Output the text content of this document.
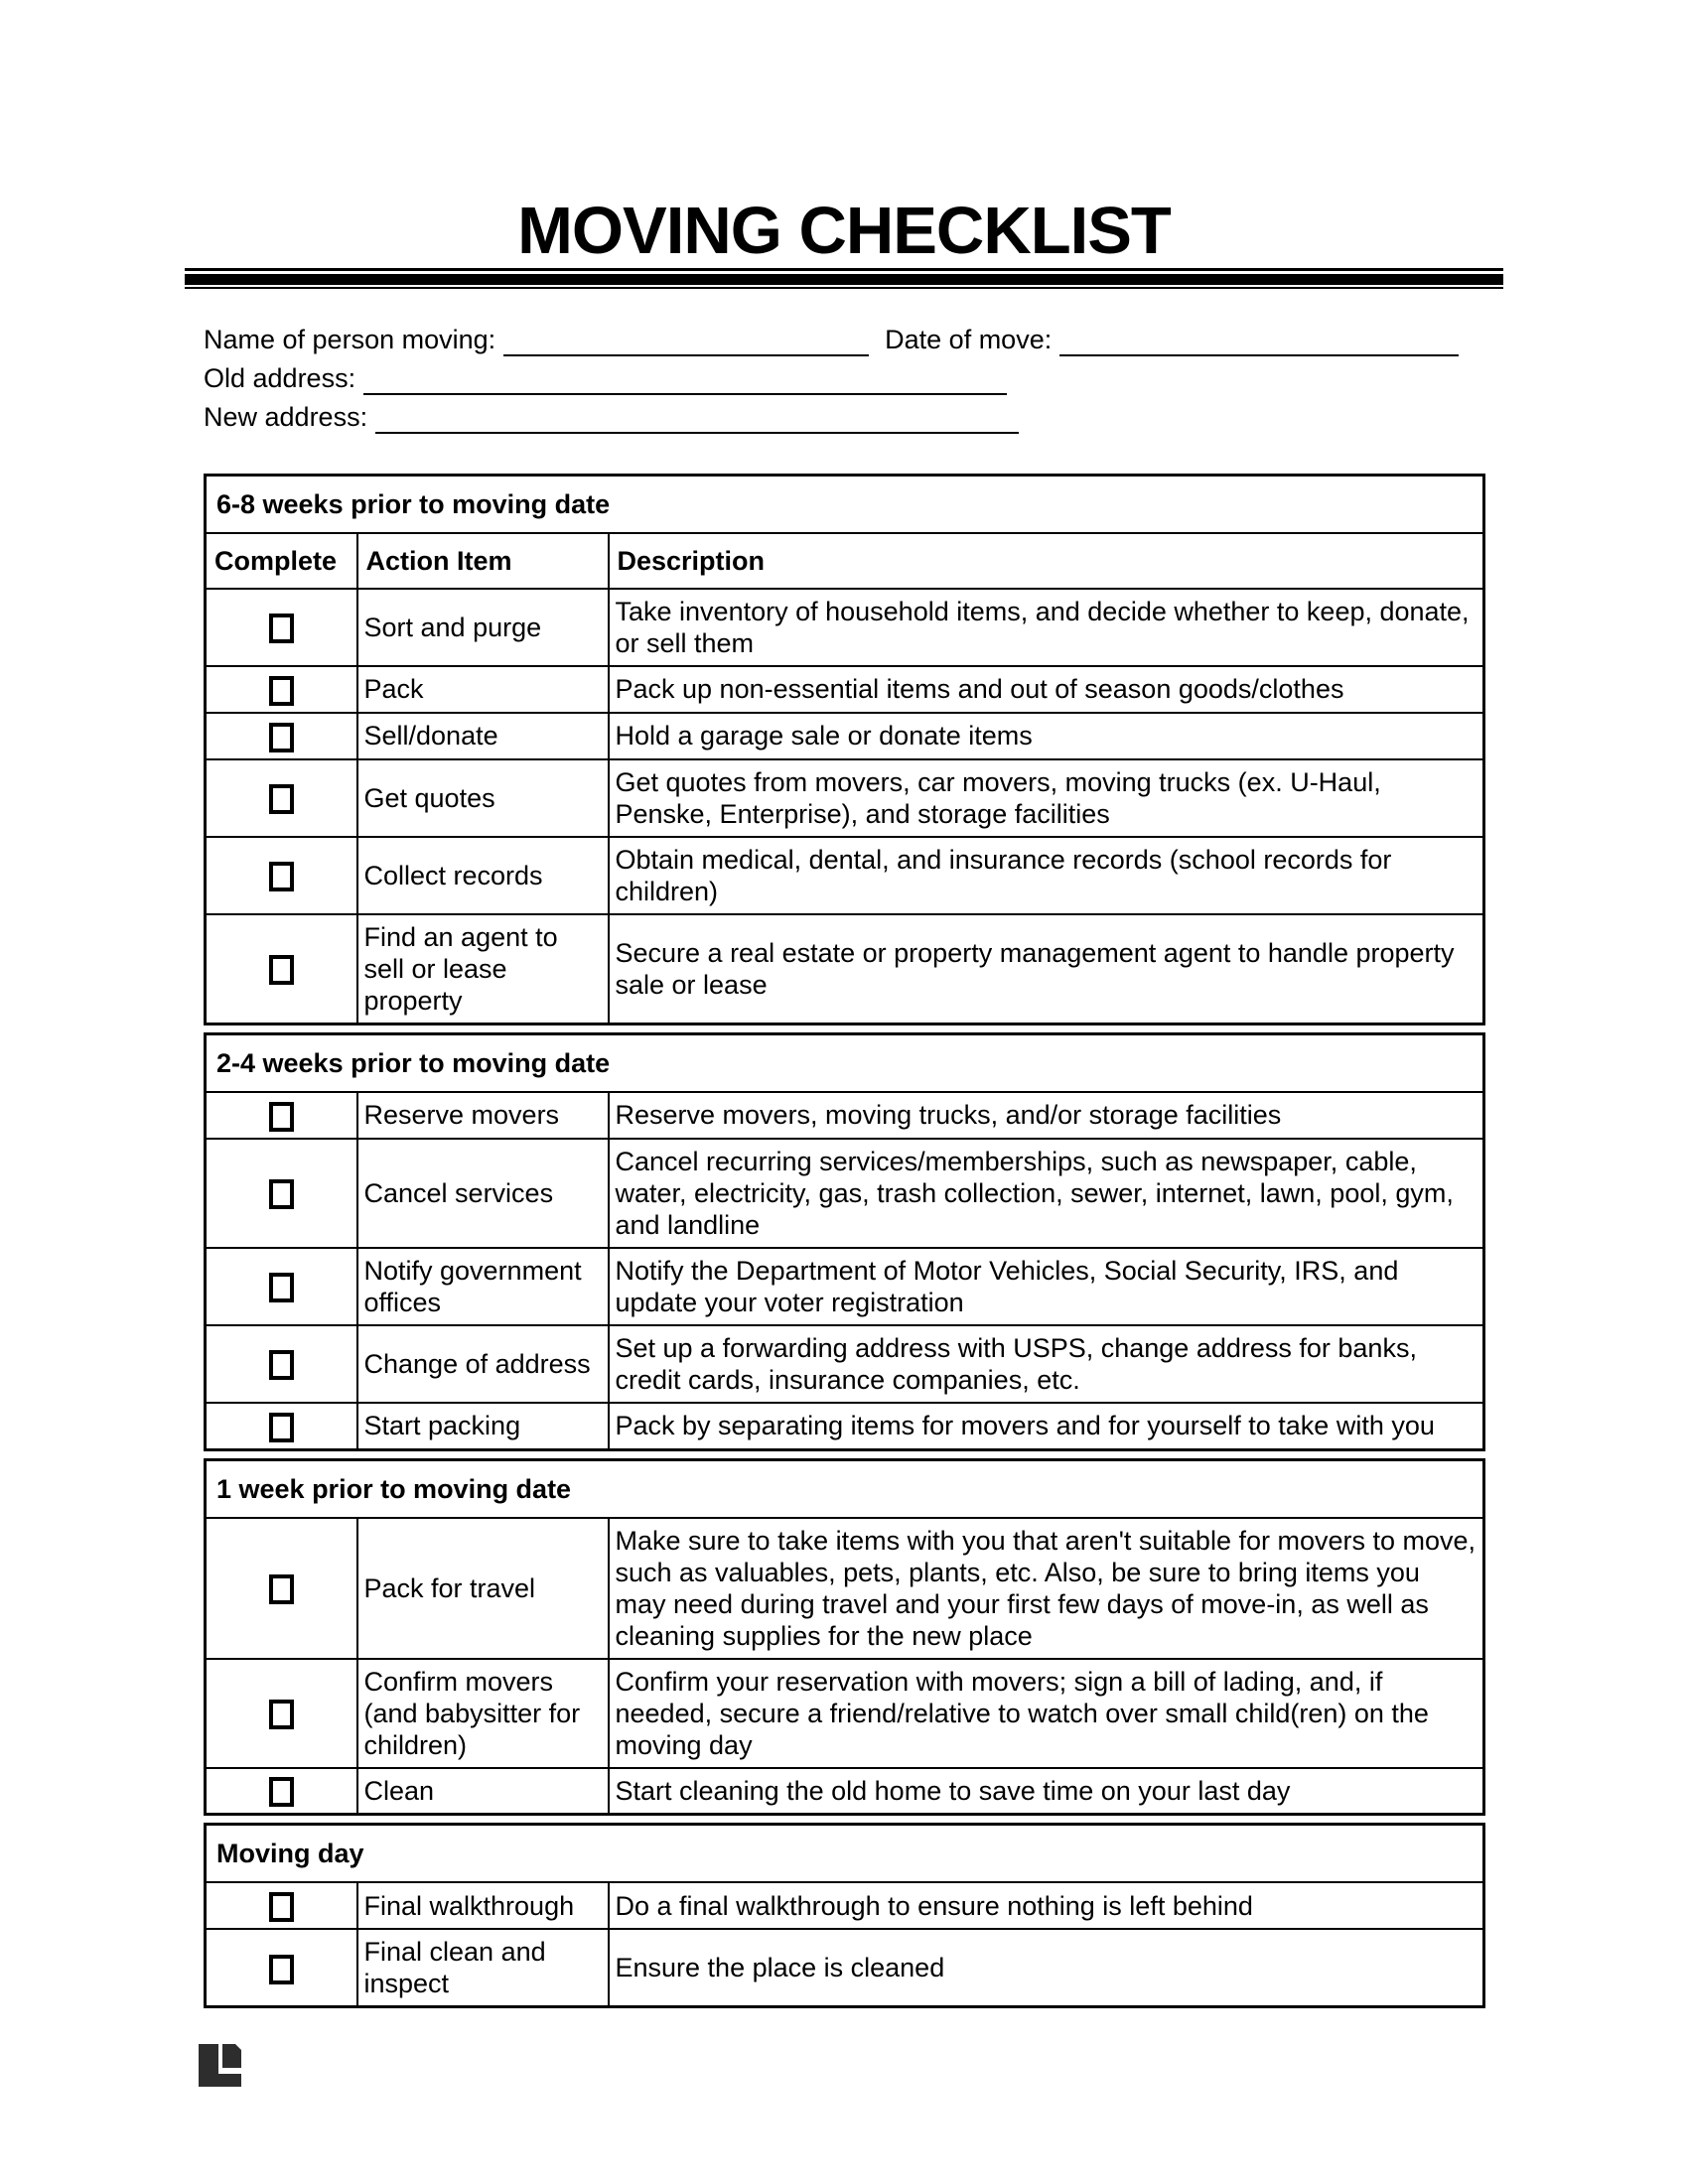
MOVING CHECKLIST
Name of person moving:	Date of move:
Old address:
New address:
6-8 weeks prior to moving date		
Complete	Action Item	Description
	Sort and purge	Take inventory of household items, and decide whether to keep, donate, or sell them
	Pack	Pack up non-essential items and out of season goods/clothes
	Sell/donate	Hold a garage sale or donate items
	Get quotes	Get quotes from movers, car movers, moving trucks (ex. U-Haul, Penske, Enterprise), and storage facilities
	Collect records	Obtain medical, dental, and insurance records (school records for children)
	Find an agent to sell or lease property	Secure a real estate or property management agent to handle property sale or lease
2-4 weeks prior to moving date		
	Reserve movers	Reserve movers, moving trucks, and/or storage facilities
	Cancel services	Cancel recurring services/memberships, such as newspaper, cable, water, electricity, gas, trash collection, sewer, internet, lawn, pool, gym, and landline
	Notify government offices	Notify the Department of Motor Vehicles, Social Security, IRS, and update your voter registration
	Change of address	Set up a forwarding address with USPS, change address for banks, credit cards, insurance companies, etc.
	Start packing	Pack by separating items for movers and for yourself to take with you
1 week prior to moving date		
	Pack for travel	Make sure to take items with you that aren't suitable for movers to move, such as valuables, pets, plants, etc. Also, be sure to bring items you may need during travel and your first few days of move-in, as well as cleaning supplies for the new place
	Confirm movers (and babysitter for children)	Confirm your reservation with movers; sign a bill of lading, and, if needed, secure a friend/relative to watch over small child(ren) on the moving day
	Clean	Start cleaning the old home to save time on your last day
Moving day		
	Final walkthrough	Do a final walkthrough to ensure nothing is left behind
	Final clean and inspect	Ensure the place is cleaned
